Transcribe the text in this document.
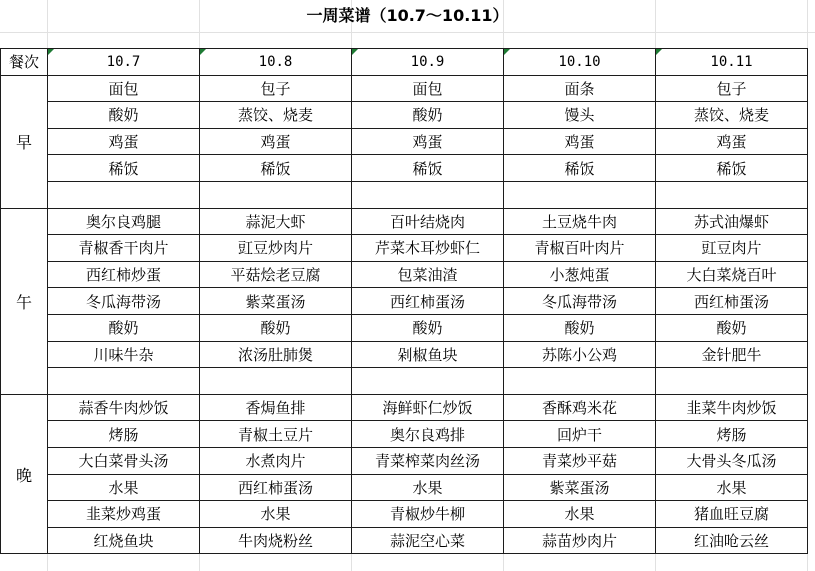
一周菜谱（10.7～10.11）
餐次	10.7	10.8	10.9	10.10	10.11
早	面包	包子	面包	面条	包子
	酸奶	蒸饺、烧麦	酸奶	馒头	蒸饺、烧麦
	鸡蛋	鸡蛋	鸡蛋	鸡蛋	鸡蛋
	稀饭	稀饭	稀饭	稀饭	稀饭

午	奥尔良鸡腿	蒜泥大虾	百叶结烧肉	土豆烧牛肉	苏式油爆虾
	青椒香干肉片	豇豆炒肉片	芹菜木耳炒虾仁	青椒百叶肉片	豇豆肉片
	西红柿炒蛋	平菇烩老豆腐	包菜油渣	小葱炖蛋	大白菜烧百叶
	冬瓜海带汤	紫菜蛋汤	西红柿蛋汤	冬瓜海带汤	西红柿蛋汤
	酸奶	酸奶	酸奶	酸奶	酸奶
	川味牛杂	浓汤肚肺煲	剁椒鱼块	苏陈小公鸡	金针肥牛

晚	蒜香牛肉炒饭	香焗鱼排	海鲜虾仁炒饭	香酥鸡米花	韭菜牛肉炒饭
	烤肠	青椒土豆片	奥尔良鸡排	回炉干	烤肠
	大白菜骨头汤	水煮肉片	青菜榨菜肉丝汤	青菜炒平菇	大骨头冬瓜汤
	水果	西红柿蛋汤	水果	紫菜蛋汤	水果
	韭菜炒鸡蛋	水果	青椒炒牛柳	水果	猪血旺豆腐
	红烧鱼块	牛肉烧粉丝	蒜泥空心菜	蒜苗炒肉片	红油呛云丝
